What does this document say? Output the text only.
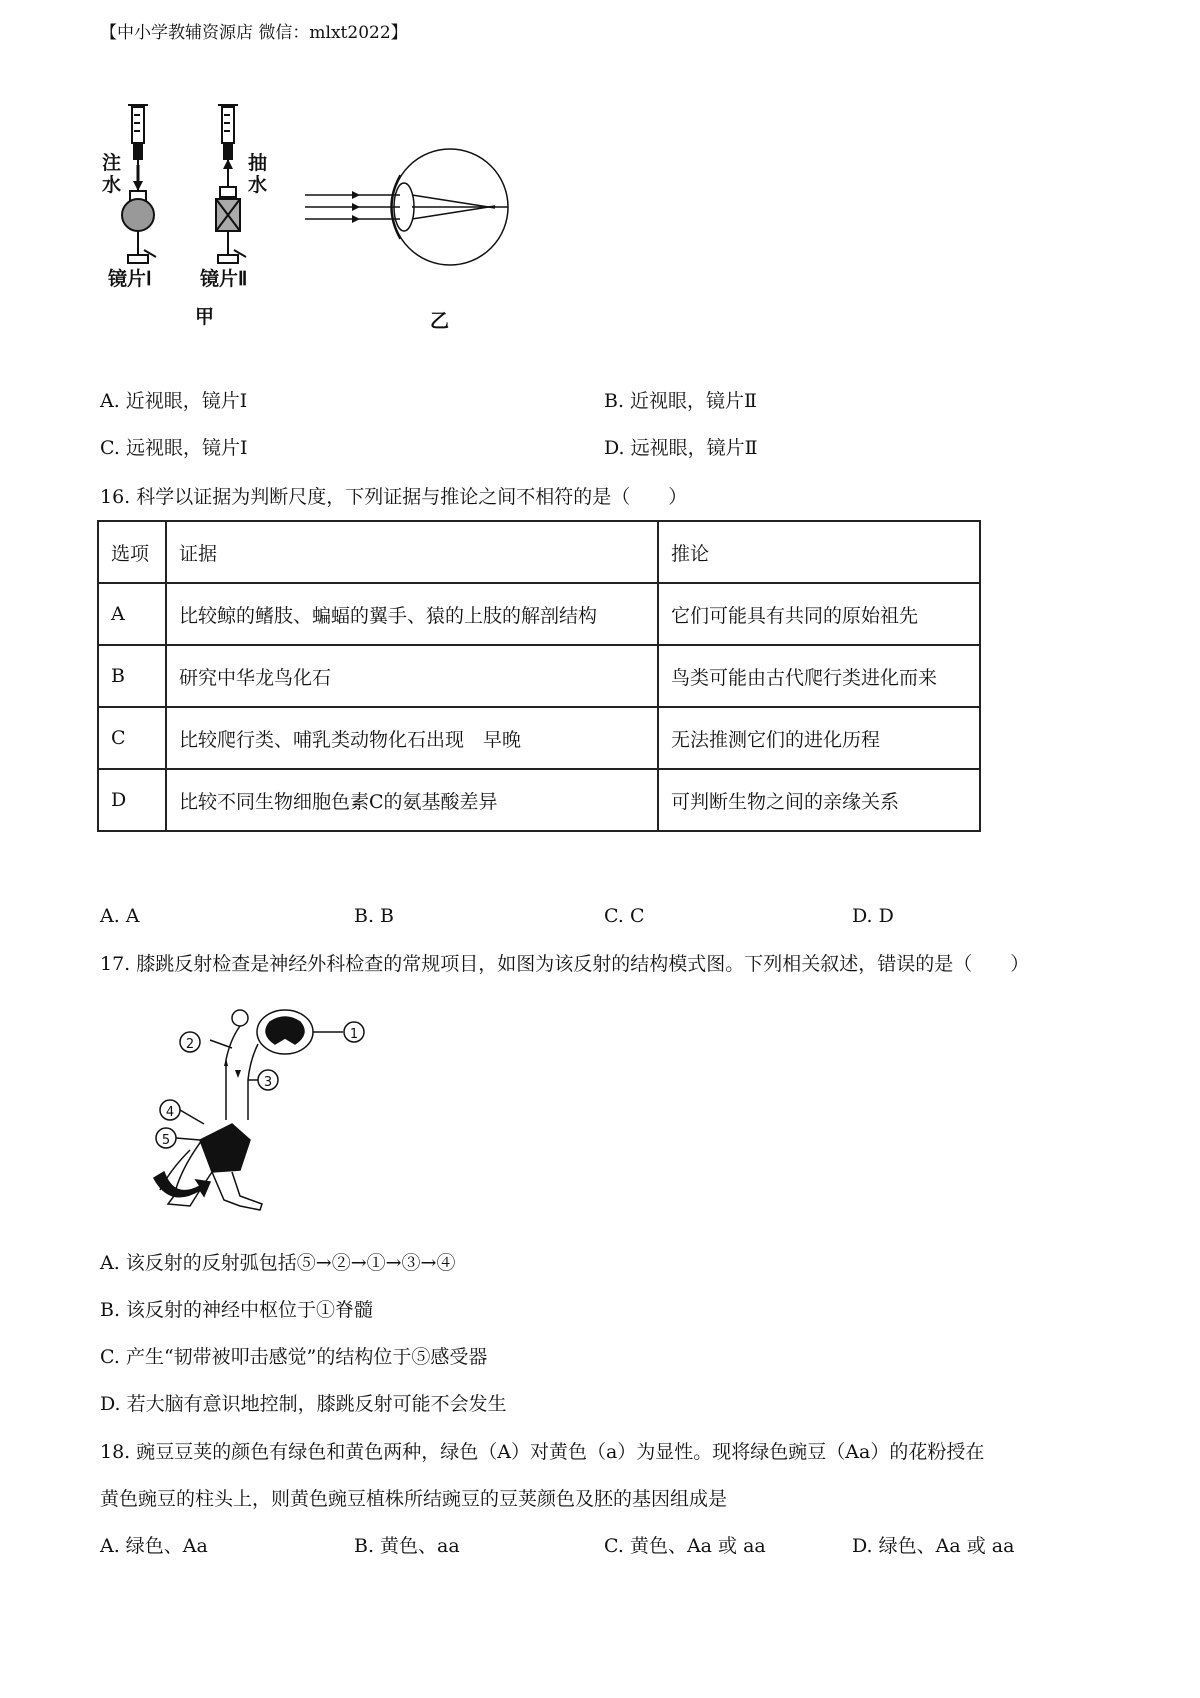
【中小学教辅资源店 微信：mlxt2022】
注
水
镜片Ⅰ
抽
水
镜片Ⅱ
甲	乙
A. 近视眼，镜片Ⅰ	B. 近视眼，镜片Ⅱ
C. 远视眼，镜片Ⅰ	D. 远视眼，镜片Ⅱ
16. 科学以证据为判断尺度，下列证据与推论之间不相符的是（　　）
选项	证据	推论
A	比较鲸的鳍肢、蝙蝠的翼手、猿的上肢的解剖结构	它们可能具有共同的原始祖先
B	研究中华龙鸟化石	鸟类可能由古代爬行类进化而来
C	比较爬行类、哺乳类动物化石出现　早晚	无法推测它们的进化历程
D	比较不同生物细胞色素C的氨基酸差异	可判断生物之间的亲缘关系
A. A	B. B	C. C	D. D
17. 膝跳反射检查是神经外科检查的常规项目，如图为该反射的结构模式图。下列相关叙述，错误的是（　　）
1
2
3
4
5
A. 该反射的反射弧包括⑤→②→①→③→④
B. 该反射的神经中枢位于①脊髓
C. 产生“韧带被叩击感觉”的结构位于⑤感受器
D. 若大脑有意识地控制，膝跳反射可能不会发生
18. 豌豆豆荚的颜色有绿色和黄色两种，绿色（A）对黄色（a）为显性。现将绿色豌豆（Aa）的花粉授在
黄色豌豆的柱头上，则黄色豌豆植株所结豌豆的豆荚颜色及胚的基因组成是
A. 绿色、Aa	B. 黄色、aa	C. 黄色、Aa 或 aa	D. 绿色、Aa 或 aa
